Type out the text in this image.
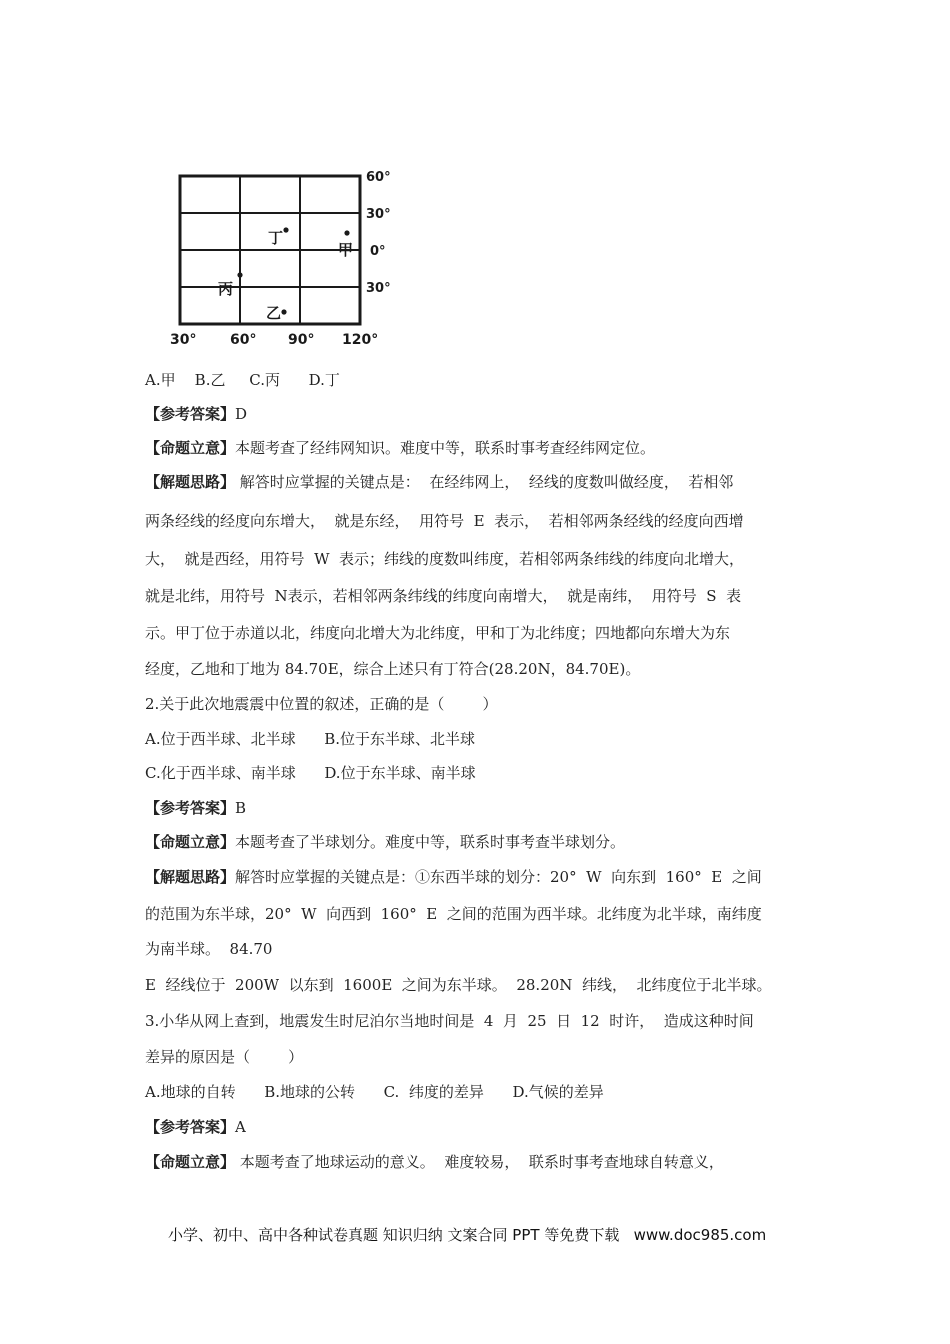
60°
30°
0°
30°
30° 60° 90° 120°
丁
甲
丙
乙
A.甲    B.乙     C.丙      D.丁
【参考答案】D
【命题立意】本题考查了经纬网知识。难度中等，联系时事考查经纬网定位。
【解题思路】 解答时应掌握的关键点是：  在经纬网上，  经线的度数叫做经度，  若相邻
两条经线的经度向东增大，  就是东经，  用符号  E  表示，  若相邻两条经线的经度向西增
大，  就是西经，用符号  W  表示；纬线的度数叫纬度，若相邻两条纬线的纬度向北增大，
就是北纬，用符号  N表示，若相邻两条纬线的纬度向南增大，  就是南纬，  用符号  S  表
示。甲丁位于赤道以北，纬度向北增大为北纬度，甲和丁为北纬度；四地都向东增大为东
经度，乙地和丁地为 84.70E，综合上述只有丁符合(28.20N，84.70E)。
2.关于此次地震震中位置的叙述，正确的是（        ）
A.位于西半球、北半球      B.位于东半球、北半球
C.化于西半球、南半球      D.位于东半球、南半球
【参考答案】B
【命题立意】本题考查了半球划分。难度中等，联系时事考查半球划分。
【解题思路】解答时应掌握的关键点是：①东西半球的划分：20°  W  向东到  160°  E  之间
的范围为东半球，20°  W  向西到  160°  E  之间的范围为西半球。北纬度为北半球，南纬度
为南半球。  84.70
E  经线位于  200W  以东到  1600E  之间为东半球。  28.20N  纬线，  北纬度位于北半球。
3.小华从网上查到，地震发生时尼泊尔当地时间是  4  月  25  日  12  时许，  造成这种时间
差异的原因是（        ）
A.地球的自转      B.地球的公转      C.  纬度的差异      D.气候的差异
【参考答案】A
【命题立意】 本题考查了地球运动的意义。  难度较易，  联系时事考查地球自转意义，
小学、初中、高中各种试卷真题 知识归纳 文案合同 PPT 等免费下载   www.doc985.com
